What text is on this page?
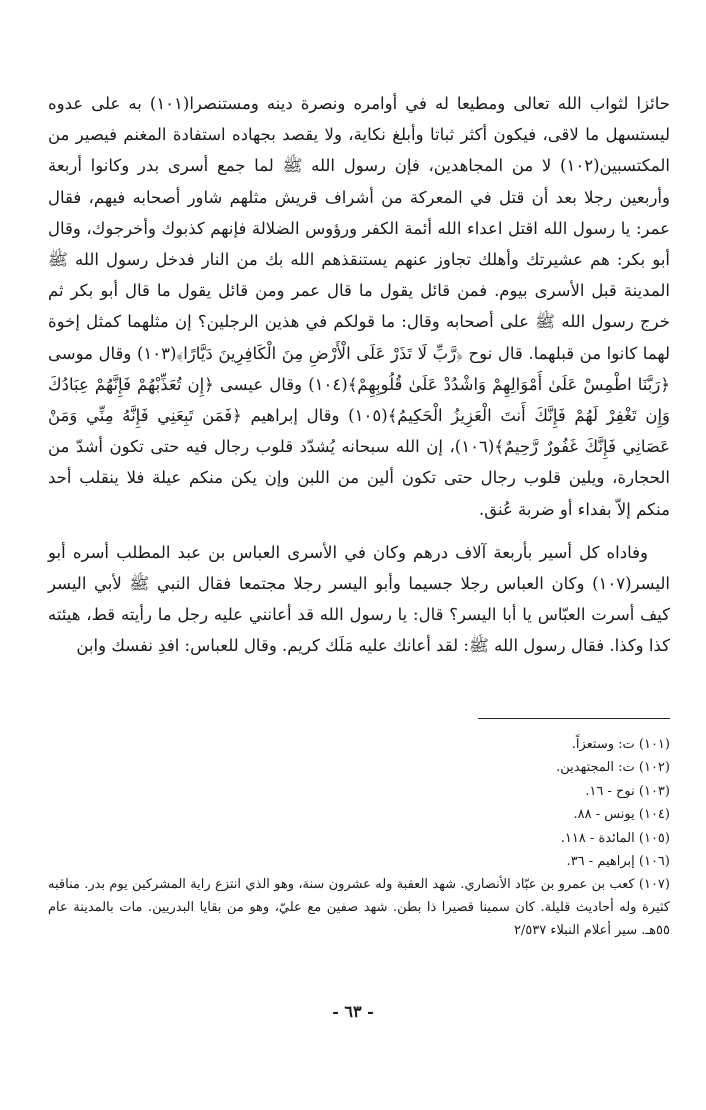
حائزا لثواب الله تعالى ومطيعا له في أوامره ونصرة دينه ومستنصرا(١٠١) به على عدوه ليستسهل ما لاقى، فيكون أكثر ثباتا وأبلغ نكاية، ولا يقصد بجهاده استفادة المغنم فيصير من المكتسبين(١٠٢) لا من المجاهدين، فإن رسول الله ﷺ لما جمع أسرى بدر وكانوا أربعة وأربعين رجلا بعد أن قتل في المعركة من أشراف قريش مثلهم شاور أصحابه فيهم، فقال عمر: يا رسول الله اقتل اعداء الله أئمة الكفر ورؤوس الضلالة فإنهم كذبوك وأخرجوك، وقال أبو بكر: هم عشيرتك وأهلك تجاوز عنهم يستنقذهم الله بك من النار فدخل رسول الله ﷺ المدينة قبل الأسرى بيوم. فمن قائل يقول ما قال عمر ومن قائل يقول ما قال أبو بكر ثم خرج رسول الله ﷺ على أصحابه وقال: ما قولكم في هذين الرجلين؟ إن مثلهما كمثل إخوة لهما كانوا من قبلهما. قال نوح ﴿رَّبِّ لَا تَذَرْ عَلَى الْأَرْضِ مِنَ الْكَافِرِينَ دَيَّارًا﴾(١٠٣) وقال موسى ﴿رَبَّنَا اطْمِسْ عَلَىٰ أَمْوَالِهِمْ وَاشْدُدْ عَلَىٰ قُلُوبِهِمْ﴾(١٠٤) وقال عيسى ﴿إِن تُعَذِّبْهُمْ فَإِنَّهُمْ عِبَادُكَ وَإِن تَغْفِرْ لَهُمْ فَإِنَّكَ أَنتَ الْعَزِيزُ الْحَكِيمُ﴾(١٠٥) وقال إبراهيم ﴿فَمَن تَبِعَنِي فَإِنَّهُ مِنِّي وَمَنْ عَصَانِي فَإِنَّكَ غَفُورٌ رَّحِيمٌ﴾(١٠٦)، إن الله سبحانه يُشدّد قلوب رجال فيه حتى تكون أشدّ من الحجارة، ويلين قلوب رجال حتى تكون ألين من اللبن وإن يكن منكم عيلة فلا ينقلب أحد منكم إلاّ بفداء أو ضربة عُنق.

وفاداه كل أسير بأربعة آلاف درهم وكان في الأسرى العباس بن عبد المطلب أسره أبو اليسر(١٠٧) وكان العباس رجلا جسيما وأبو اليسر رجلا مجتمعا فقال النبي ﷺ لأبي اليسر كيف أسرت العبّاس يا أبا اليسر؟ قال: يا رسول الله قد أعانني عليه رجل ما رأيته قط، هيئته كذا وكذا. فقال رسول الله ﷺ: لقد أعانك عليه مَلَك كريم. وقال للعباس: افدِ نفسك وابن

(١٠١) ت: وستعزاً.
(١٠٢) ت: المجتهدين.
(١٠٣) نوح - ١٦.
(١٠٤) يونس - ٨٨.
(١٠٥) المائدة - ١١٨.
(١٠٦) إبراهيم - ٣٦.
(١٠٧) كعب بن عمرو بن عبّاد الأنصاري. شهد العقبة وله عشرون سنة، وهو الذي انتزع راية المشركين يوم بدر. مناقبه كثيرة وله أحاديث قليلة. كان سمينا قصيرا ذا بطن. شهد صفين مع عليّ، وهو من بقايا البدريين. مات بالمدينة عام ٥٥هـ. سير أعلام النبلاء ٢/٥٣٧
- ٦٣ -
